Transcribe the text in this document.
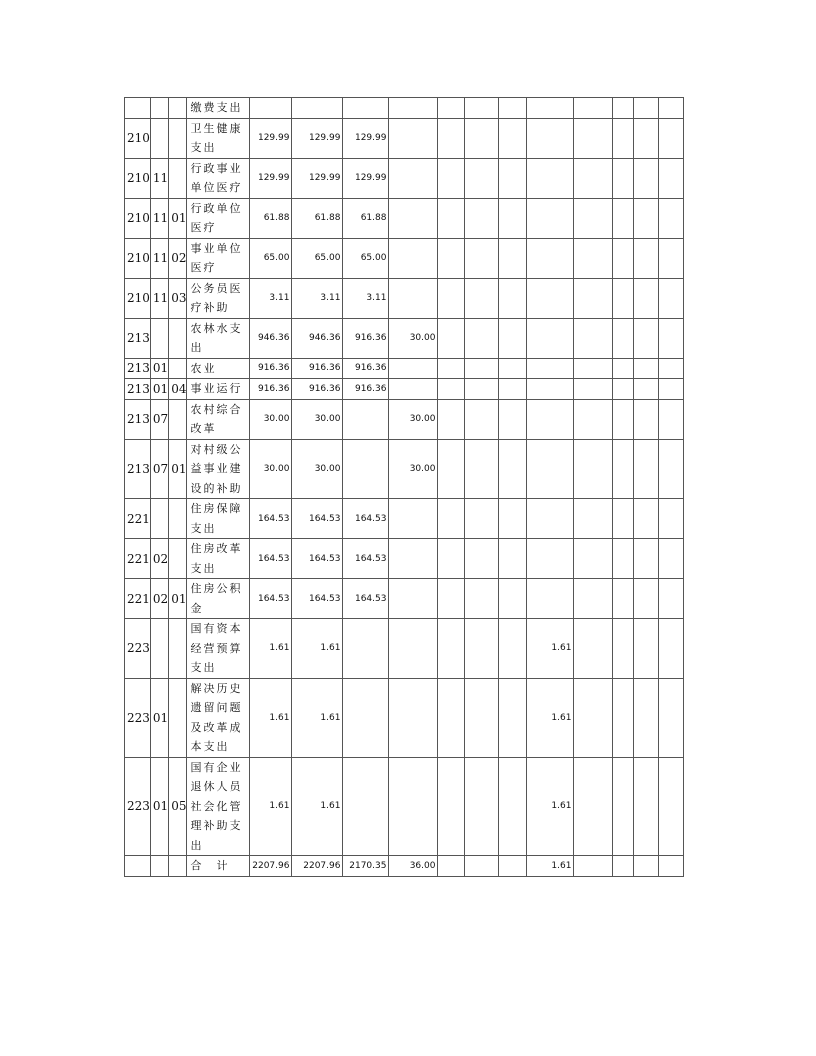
			缴费支出												
210			卫生健康支出	129.99	129.99	129.99									
210	11		行政事业单位医疗	129.99	129.99	129.99									
210	11	01	行政单位医疗	61.88	61.88	61.88									
210	11	02	事业单位医疗	65.00	65.00	65.00									
210	11	03	公务员医疗补助	3.11	3.11	3.11									
213			农林水支出	946.36	946.36	916.36	30.00								
213	01		农业	916.36	916.36	916.36									
213	01	04	事业运行	916.36	916.36	916.36									
213	07		农村综合改革	30.00	30.00		30.00								
213	07	01	对村级公益事业建设的补助	30.00	30.00		30.00								
221			住房保障支出	164.53	164.53	164.53									
221	02		住房改革支出	164.53	164.53	164.53									
221	02	01	住房公积金	164.53	164.53	164.53									
223			国有资本经营预算支出	1.61	1.61						1.61				
223	01		解决历史遗留问题及改革成本支出	1.61	1.61						1.61				
223	01	05	国有企业退休人员社会化管理补助支出	1.61	1.61						1.61				
			合　计	2207.96	2207.96	2170.35	36.00				1.61				
